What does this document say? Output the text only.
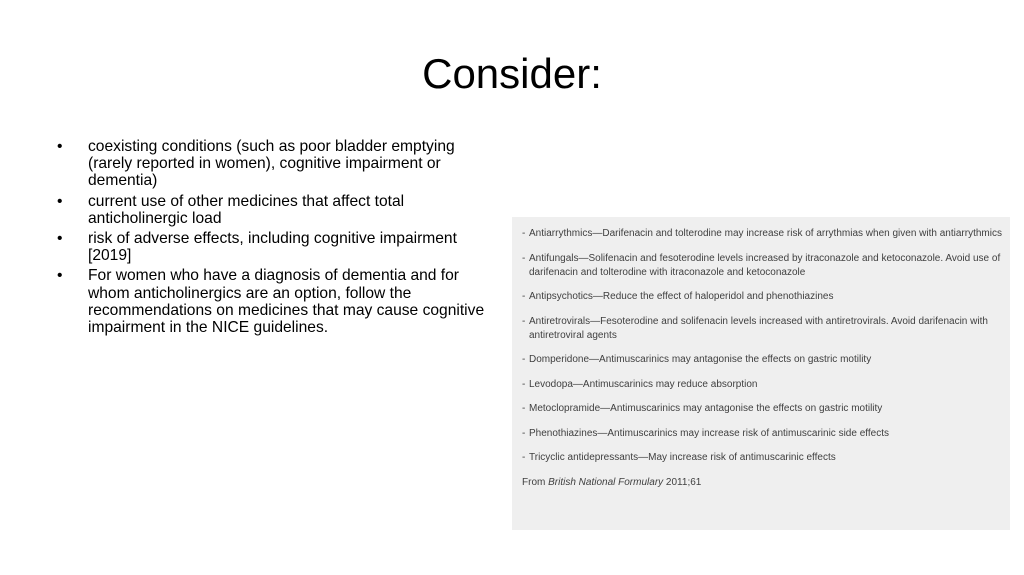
Consider:
• coexisting conditions (such as poor bladder emptying (rarely reported in women), cognitive impairment or dementia)
• current use of other medicines that affect total anticholinergic load
• risk of adverse effects, including cognitive impairment [2019]
• For women who have a diagnosis of dementia and for whom anticholinergics are an option, follow the recommendations on medicines that may cause cognitive impairment in the NICE guidelines.
- Antiarrythmics—Darifenacin and tolterodine may increase risk of arrythmias when given with antiarrythmics
- Antifungals—Solifenacin and fesoterodine levels increased by itraconazole and ketoconazole. Avoid use of darifenacin and tolterodine with itraconazole and ketoconazole
- Antipsychotics—Reduce the effect of haloperidol and phenothiazines
- Antiretrovirals—Fesoterodine and solifenacin levels increased with antiretrovirals. Avoid darifenacin with antiretroviral agents
- Domperidone—Antimuscarinics may antagonise the effects on gastric motility
- Levodopa—Antimuscarinics may reduce absorption
- Metoclopramide—Antimuscarinics may antagonise the effects on gastric motility
- Phenothiazines—Antimuscarinics may increase risk of antimuscarinic side effects
- Tricyclic antidepressants—May increase risk of antimuscarinic effects
From British National Formulary 2011;61
